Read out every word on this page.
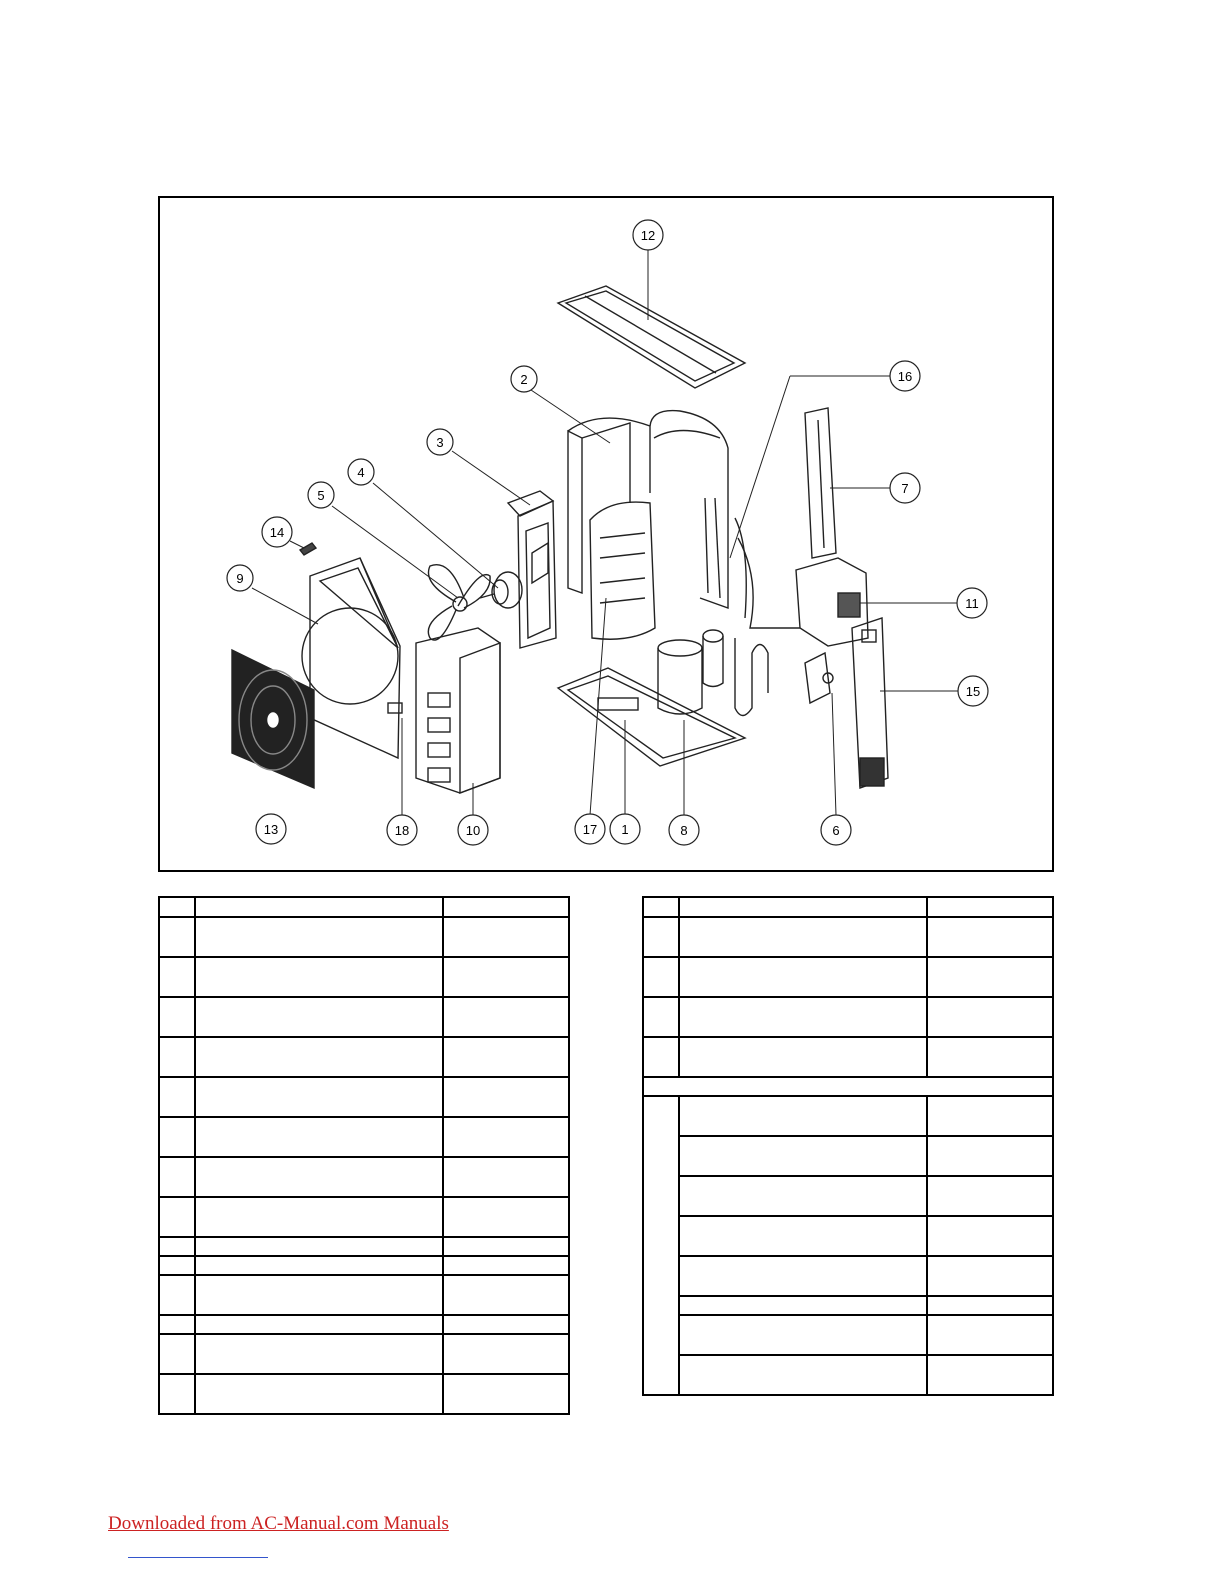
12
2
3
4
5
14
9
16
7
11
15
13	18	10	17 1	8	6

Downloaded from AC-Manual.com Manuals
